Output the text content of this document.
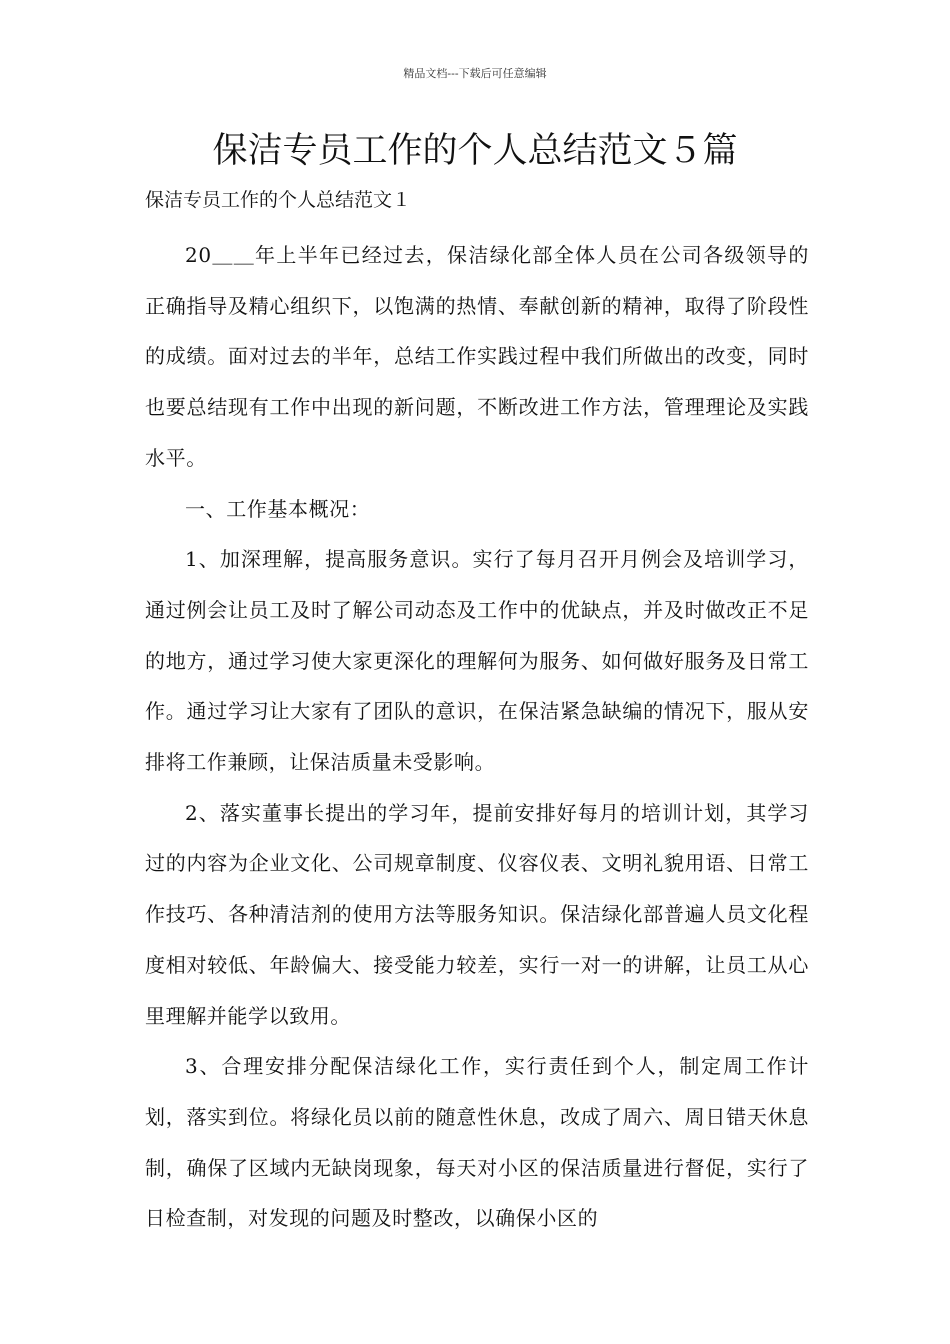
精品文档---下载后可任意编辑
保洁专员工作的个人总结范文５篇
保洁专员工作的个人总结范文１

20＿＿年上半年已经过去，保洁绿化部全体人员在公司各级领导的正确指导及精心组织下，以饱满的热情、奉献创新的精神，取得了阶段性的成绩。面对过去的半年，总结工作实践过程中我们所做出的改变，同时也要总结现有工作中出现的新问题，不断改进工作方法，管理理论及实践水平。

一、工作基本概况：

1、加深理解，提高服务意识。实行了每月召开月例会及培训学习，通过例会让员工及时了解公司动态及工作中的优缺点，并及时做改正不足的地方，通过学习使大家更深化的理解何为服务、如何做好服务及日常工作。通过学习让大家有了团队的意识，在保洁紧急缺编的情况下，服从安排将工作兼顾，让保洁质量未受影响。

2、落实董事长提出的学习年，提前安排好每月的培训计划，其学习过的内容为企业文化、公司规章制度、仪容仪表、文明礼貌用语、日常工作技巧、各种清洁剂的使用方法等服务知识。保洁绿化部普遍人员文化程度相对较低、年龄偏大、接受能力较差，实行一对一的讲解，让员工从心里理解并能学以致用。

3、合理安排分配保洁绿化工作，实行责任到个人，制定周工作计划，落实到位。将绿化员以前的随意性休息，改成了周六、周日错天休息制，确保了区域内无缺岗现象，每天对小区的保洁质量进行督促，实行了日检查制，对发现的问题及时整改，以确保小区的
